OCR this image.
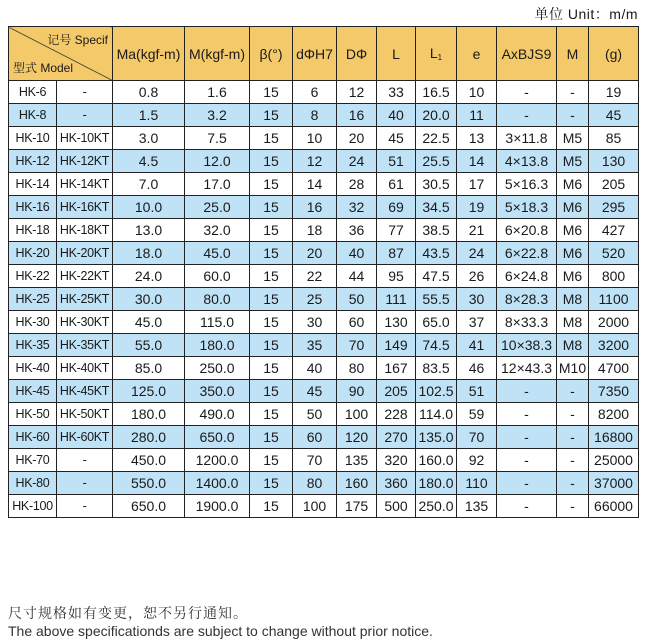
单位 Unit：m/m
记号 Specif
型式 Model		Ma(kgf-m)	M(kgf-m)	β(°)	dΦH7	DΦ	L	$L_1$	e	AxBJS9	M	(g)
HK-6	-	0.8	1.6	15	6	12	33	16.5	10	-	-	19
HK-8	-	1.5	3.2	15	8	16	40	20.0	11	-	-	45
HK-10	HK-10KT	3.0	7.5	15	10	20	45	22.5	13	3×11.8	M5	85
HK-12	HK-12KT	4.5	12.0	15	12	24	51	25.5	14	4×13.8	M5	130
HK-14	HK-14KT	7.0	17.0	15	14	28	61	30.5	17	5×16.3	M6	205
HK-16	HK-16KT	10.0	25.0	15	16	32	69	34.5	19	5×18.3	M6	295
HK-18	HK-18KT	13.0	32.0	15	18	36	77	38.5	21	6×20.8	M6	427
HK-20	HK-20KT	18.0	45.0	15	20	40	87	43.5	24	6×22.8	M6	520
HK-22	HK-22KT	24.0	60.0	15	22	44	95	47.5	26	6×24.8	M6	800
HK-25	HK-25KT	30.0	80.0	15	25	50	111	55.5	30	8×28.3	M8	1100
HK-30	HK-30KT	45.0	115.0	15	30	60	130	65.0	37	8×33.3	M8	2000
HK-35	HK-35KT	55.0	180.0	15	35	70	149	74.5	41	10×38.3	M8	3200
HK-40	HK-40KT	85.0	250.0	15	40	80	167	83.5	46	12×43.3	M10	4700
HK-45	HK-45KT	125.0	350.0	15	45	90	205	102.5	51	-	-	7350
HK-50	HK-50KT	180.0	490.0	15	50	100	228	114.0	59	-	-	8200
HK-60	HK-60KT	280.0	650.0	15	60	120	270	135.0	70	-	-	16800
HK-70	-	450.0	1200.0	15	70	135	320	160.0	92	-	-	25000
HK-80	-	550.0	1400.0	15	80	160	360	180.0	110	-	-	37000
HK-100	-	650.0	1900.0	15	100	175	500	250.0	135	-	-	66000
尺寸规格如有变更，恕不另行通知。
The above specificationds are subject to change without prior notice.
